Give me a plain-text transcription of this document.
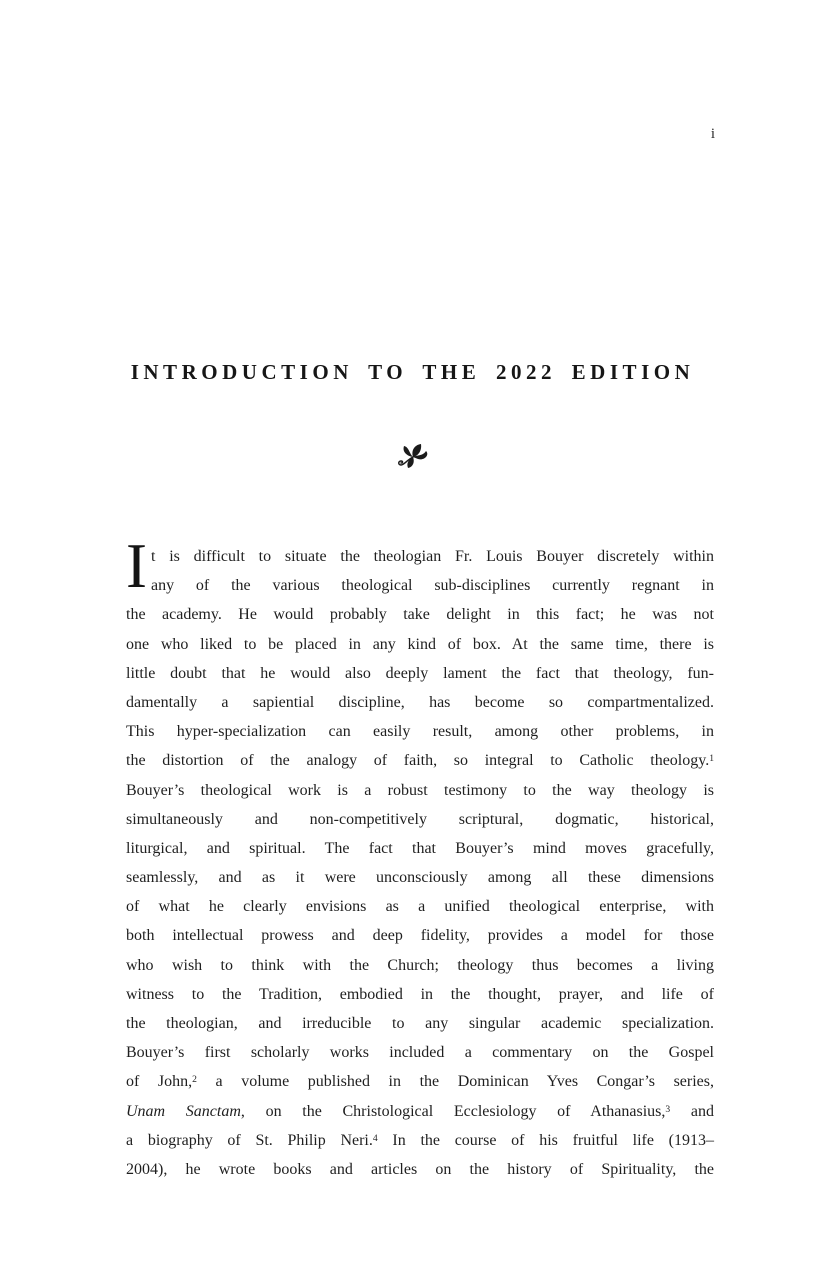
i
INTRODUCTION TO THE 2022 EDITION
I t is difficult to situate the theologian Fr. Louis Bouyer discretely within
any of the various theological sub-disciplines currently regnant in
the academy. He would probably take delight in this fact; he was not
one who liked to be placed in any kind of box. At the same time, there is
little doubt that he would also deeply lament the fact that theology, fun-
damentally a sapiential discipline, has become so compartmentalized.
This hyper-specialization can easily result, among other problems, in
the distortion of the analogy of faith, so integral to Catholic theology.$^1$
Bouyer’s theological work is a robust testimony to the way theology is
simultaneously and non-competitively scriptural, dogmatic, historical,
liturgical, and spiritual. The fact that Bouyer’s mind moves gracefully,
seamlessly, and as it were unconsciously among all these dimensions
of what he clearly envisions as a unified theological enterprise, with
both intellectual prowess and deep fidelity, provides a model for those
who wish to think with the Church; theology thus becomes a living
witness to the Tradition, embodied in the thought, prayer, and life of
the theologian, and irreducible to any singular academic specialization.
Bouyer’s first scholarly works included a commentary on the Gospel
of John,$^2$ a volume published in the Dominican Yves Congar’s series,
Unam Sanctam, on the Christological Ecclesiology of Athanasius,$^3$ and
a biography of St. Philip Neri.$^4$ In the course of his fruitful life (1913–
2004), he wrote books and articles on the history of Spirituality, the
